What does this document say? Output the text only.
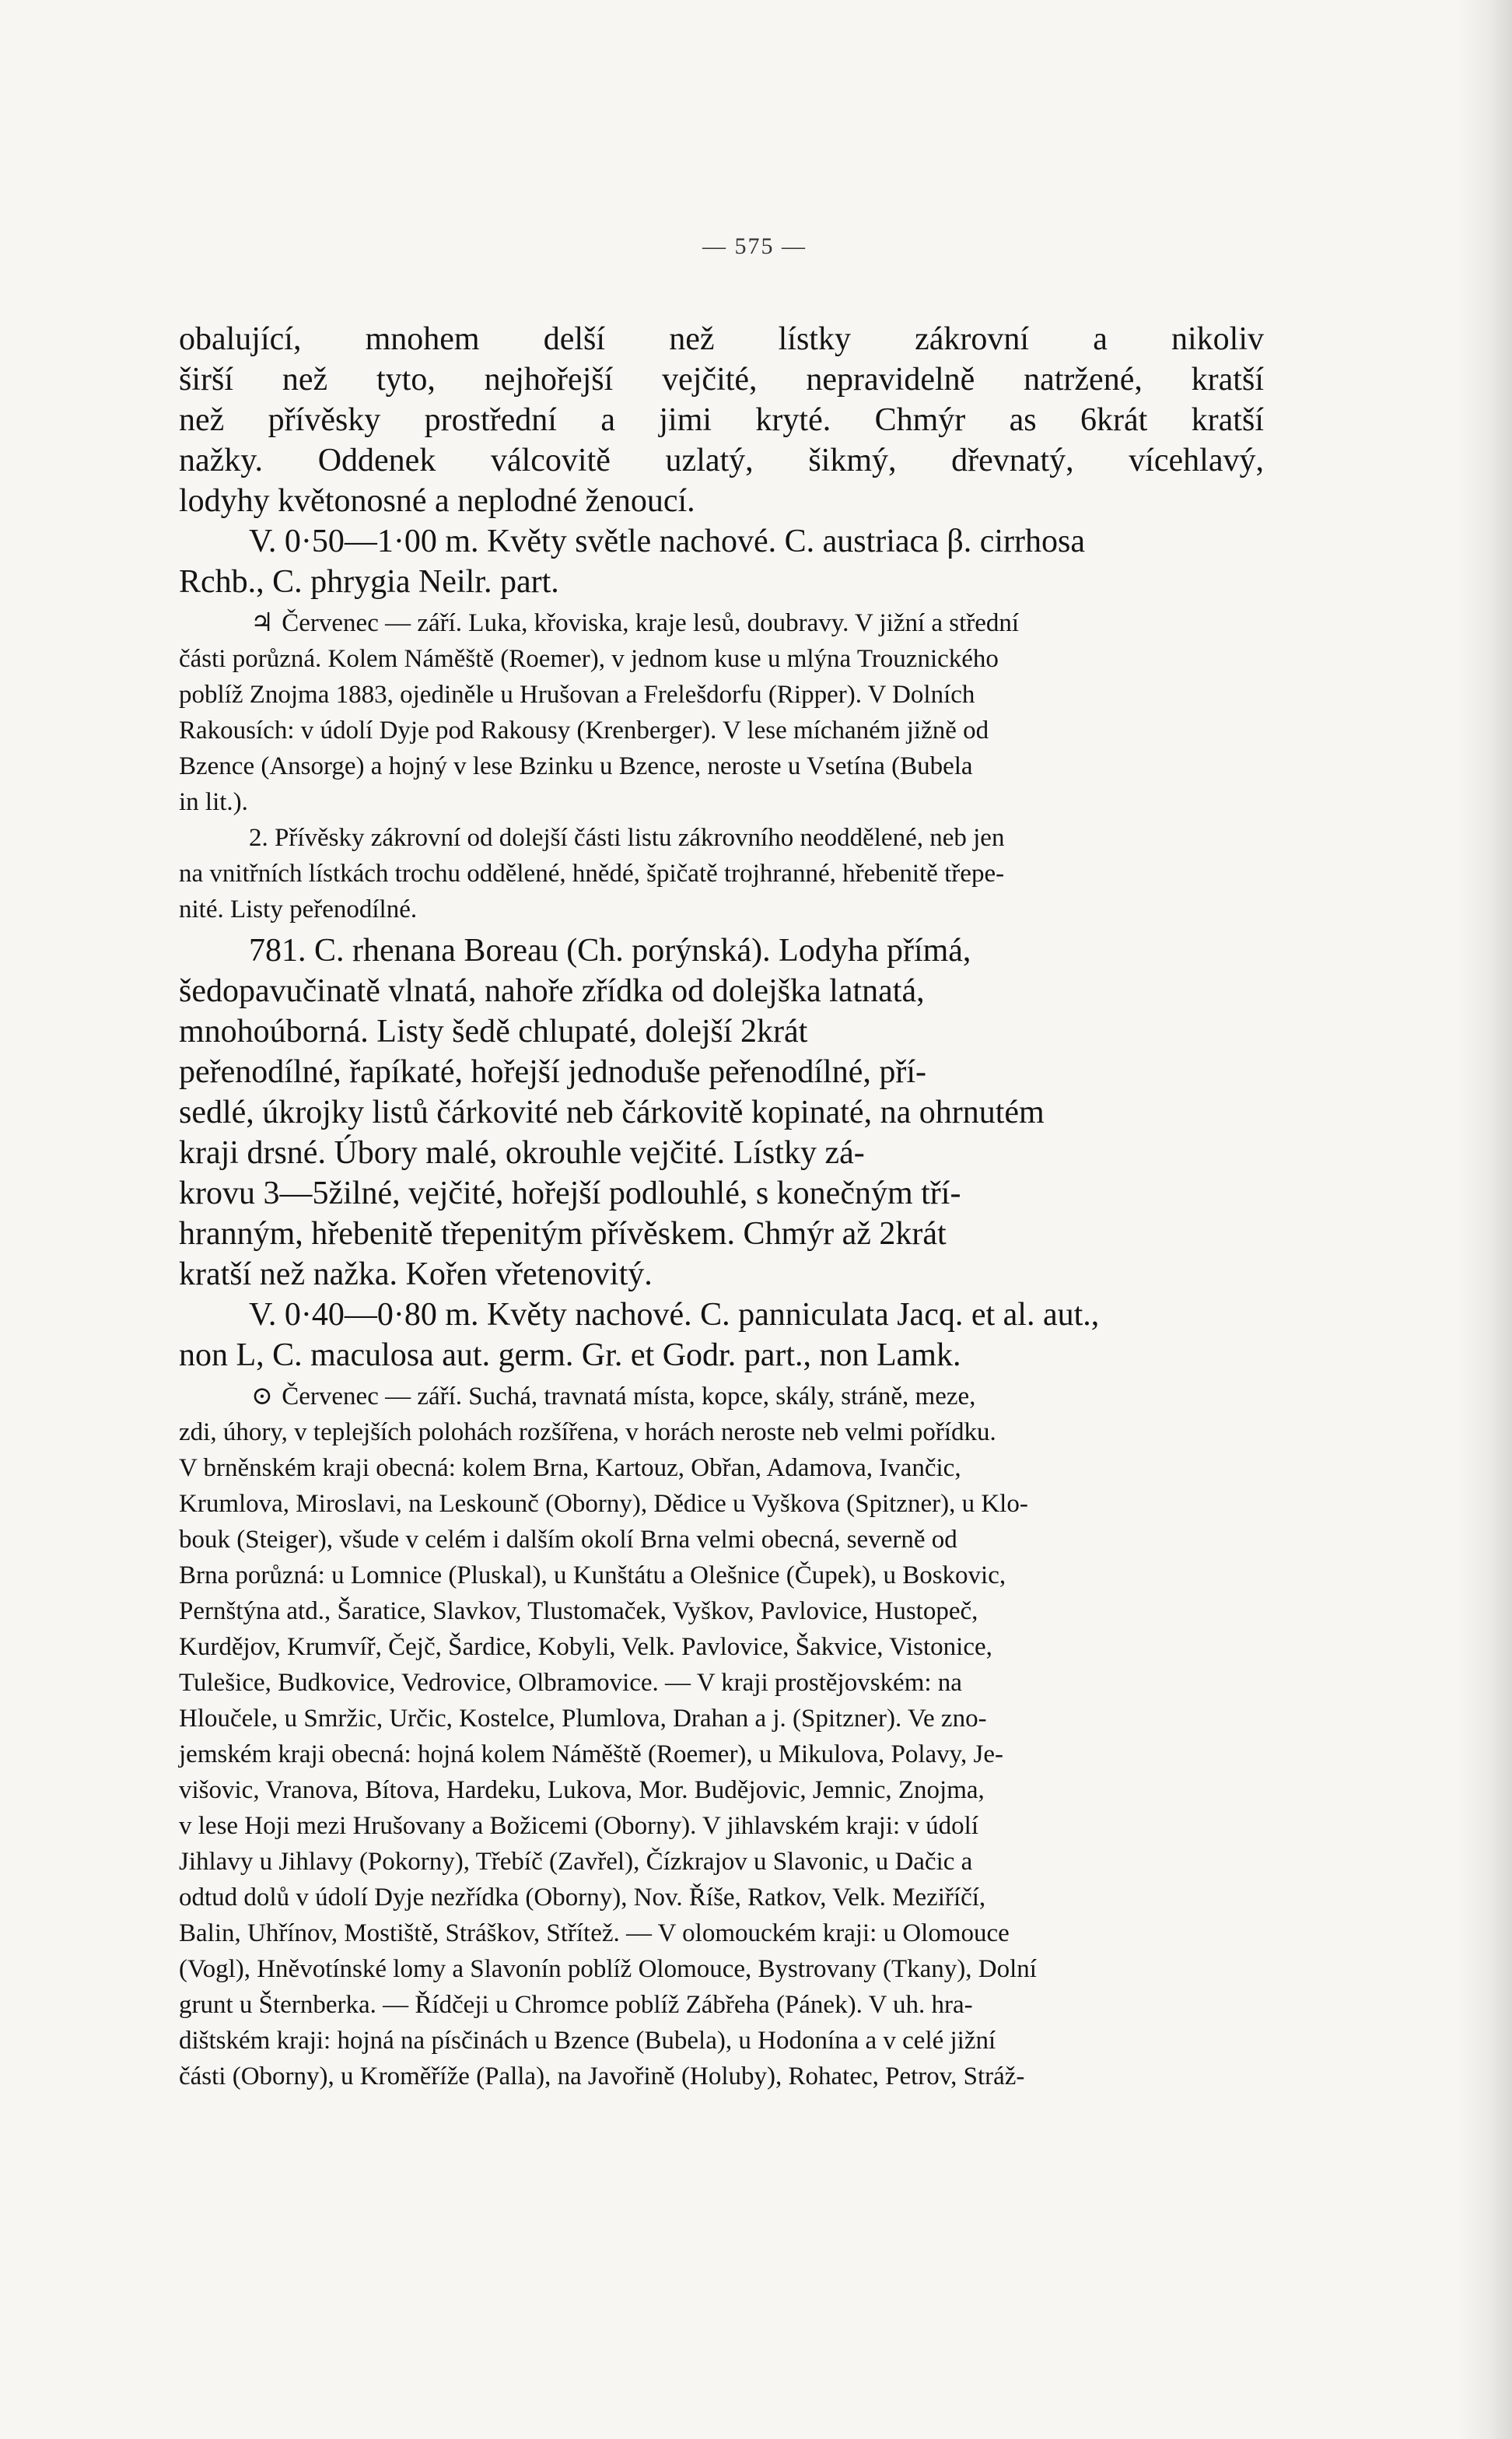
— 575 —
obalující, mnohem delší než lístky zákrovní a nikoliv
širší než tyto, nejhořejší vejčité, nepravidelně natržené, kratší
než přívěsky prostřední a jimi kryté. Chmýr as 6krát kratší
nažky. Oddenek válcovitě uzlatý, šikmý, dřevnatý, vícehlavý,
lodyhy květonosné a neplodné ženoucí.
V. 0·50—1·00 m. Květy světle nachové. C. austriaca β. cirrhosa
Rchb., C. phrygia Neilr. part.
♃ Červenec — září. Luka, křoviska, kraje lesů, doubravy. V jižní a střední
části porůzná. Kolem Náměště (Roemer), v jednom kuse u mlýna Trouznického
poblíž Znojma 1883, ojediněle u Hrušovan a Frelešdorfu (Ripper). V Dolních
Rakousích: v údolí Dyje pod Rakousy (Krenberger). V lese míchaném jižně od
Bzence (Ansorge) a hojný v lese Bzinku u Bzence, neroste u Vsetína (Bubela
in lit.).
2. Přívěsky zákrovní od dolejší části listu zákrovního neoddělené, neb jen
na vnitřních lístkách trochu oddělené, hnědé, špičatě trojhranné, hřebenitě třepe-
nité. Listy peřenodílné.
781. C. rhenana Boreau (Ch. porýnská). Lodyha přímá,
šedopavučinatě vlnatá, nahoře zřídka od dolejška latnatá,
mnohoúborná. Listy šedě chlupaté, dolejší 2krát
peřenodílné, řapíkaté, hořejší jednoduše peřenodílné, pří-
sedlé, úkrojky listů čárkovité neb čárkovitě kopinaté, na ohrnutém
kraji drsné. Úbory malé, okrouhle vejčité. Lístky zá-
krovu 3—5žilné, vejčité, hořejší podlouhlé, s konečným tří-
hranným, hřebenitě třepenitým přívěskem. Chmýr až 2krát
kratší než nažka. Kořen vřetenovitý.
V. 0·40—0·80 m. Květy nachové. C. panniculata Jacq. et al. aut.,
non L, C. maculosa aut. germ. Gr. et Godr. part., non Lamk.
⊙ Červenec — září. Suchá, travnatá místa, kopce, skály, stráně, meze,
zdi, úhory, v teplejších polohách rozšířena, v horách neroste neb velmi pořídku.
V brněnském kraji obecná: kolem Brna, Kartouz, Obřan, Adamova, Ivančic,
Krumlova, Miroslavi, na Leskounč (Oborny), Dědice u Vyškova (Spitzner), u Klo-
bouk (Steiger), všude v celém i dalším okolí Brna velmi obecná, severně od
Brna porůzná: u Lomnice (Pluskal), u Kunštátu a Olešnice (Čupek), u Boskovic,
Pernštýna atd., Šaratice, Slavkov, Tlustomaček, Vyškov, Pavlovice, Hustopeč,
Kurdějov, Krumvíř, Čejč, Šardice, Kobyli, Velk. Pavlovice, Šakvice, Vistonice,
Tulešice, Budkovice, Vedrovice, Olbramovice. — V kraji prostějovském: na
Hloučele, u Smržic, Určic, Kostelce, Plumlova, Drahan a j. (Spitzner). Ve zno-
jemském kraji obecná: hojná kolem Náměště (Roemer), u Mikulova, Polavy, Je-
višovic, Vranova, Bítova, Hardeku, Lukova, Mor. Budějovic, Jemnic, Znojma,
v lese Hoji mezi Hrušovany a Božicemi (Oborny). V jihlavském kraji: v údolí
Jihlavy u Jihlavy (Pokorny), Třebíč (Zavřel), Čízkrajov u Slavonic, u Dačic a
odtud dolů v údolí Dyje nezřídka (Oborny), Nov. Říše, Ratkov, Velk. Meziříčí,
Balin, Uhřínov, Mostiště, Stráškov, Střítež. — V olomouckém kraji: u Olomouce
(Vogl), Hněvotínské lomy a Slavonín poblíž Olomouce, Bystrovany (Tkany), Dolní
grunt u Šternberka. — Řídčeji u Chromce poblíž Zábřeha (Pánek). V uh. hra-
dištském kraji: hojná na písčinách u Bzence (Bubela), u Hodonína a v celé jižní
části (Oborny), u Kroměříže (Palla), na Javořině (Holuby), Rohatec, Petrov, Stráž-
